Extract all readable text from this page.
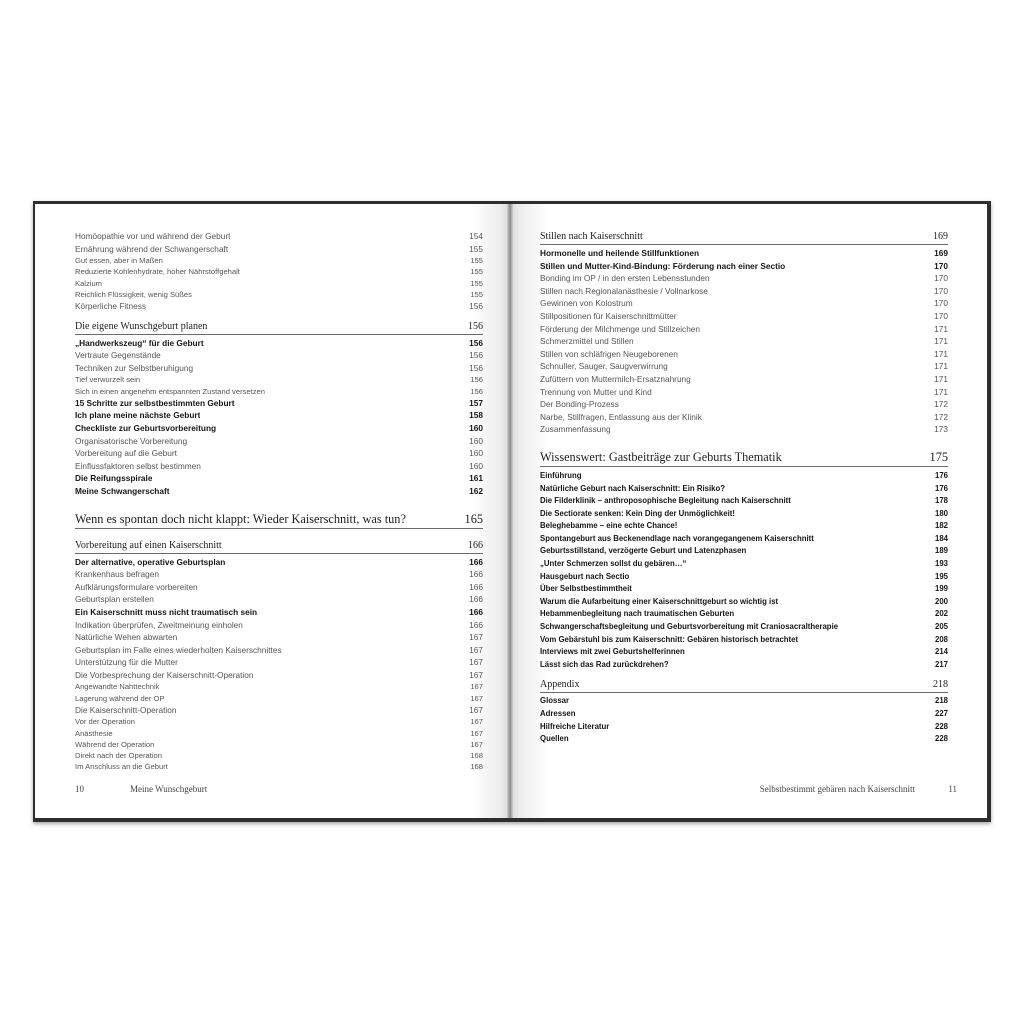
Homöopathie vor und während der Geburt	154
Ernährung während der Schwangerschaft	155
Gut essen, aber in Maßen	155
Reduzierte Kohlenhydrate, hoher Nährstoffgehalt	155
Kalzium	155
Reichlich Flüssigkeit, wenig Süßes	155
Körperliche Fitness	156
Die eigene Wunschgeburt planen	156
„Handwerkszeug“ für die Geburt	156
Vertraute Gegenstände	156
Techniken zur Selbstberuhigung	156
Tief verwurzelt sein	156
Sich in einen angenehm entspannten Zustand versetzen	156
15 Schritte zur selbstbestimmten Geburt	157
Ich plane meine nächste Geburt	158
Checkliste zur Geburtsvorbereitung	160
Organisatorische Vorbereitung	160
Vorbereitung auf die Geburt	160
Einflussfaktoren selbst bestimmen	160
Die Reifungsspirale	161
Meine Schwangerschaft	162
Wenn es spontan doch nicht klappt: Wieder Kaiserschnitt, was tun?	165
Vorbereitung auf einen Kaiserschnitt	166
Der alternative, operative Geburtsplan	166
Krankenhaus befragen	166
Aufklärungsformulare vorbereiten	166
Geburtsplan erstellen	166
Ein Kaiserschnitt muss nicht traumatisch sein	166
Indikation überprüfen, Zweitmeinung einholen	166
Natürliche Wehen abwarten	167
Geburtsplan im Falle eines wiederholten Kaiserschnittes	167
Unterstützung für die Mutter	167
Die Vorbesprechung der Kaiserschnitt-Operation	167
Angewandte Nahttechnik	167
Lagerung während der OP	167
Die Kaiserschnitt-Operation	167
Vor der Operation	167
Anästhesie	167
Während der Operation	167
Direkt nach der Operation	168
Im Anschluss an die Geburt	168
10	Meine Wunschgeburt
Stillen nach Kaiserschnitt	169
Hormonelle und heilende Stillfunktionen	169
Stillen und Mutter-Kind-Bindung: Förderung nach einer Sectio	170
Bonding im OP / in den ersten Lebensstunden	170
Stillen nach Regionalanästhesie / Vollnarkose	170
Gewinnen von Kolostrum	170
Stillpositionen für Kaiserschnittmütter	170
Förderung der Milchmenge und Stillzeichen	171
Schmerzmittel und Stillen	171
Stillen von schläfrigen Neugeborenen	171
Schnuller, Sauger, Saugverwirrung	171
Zufüttern von Muttermilch-Ersatznahrung	171
Trennung von Mutter und Kind	171
Der Bonding-Prozess	172
Narbe, Stillfragen, Entlassung aus der Klinik	172
Zusammenfassung	173
Wissenswert: Gastbeiträge zur Geburts Thematik	175
Einführung	176
Natürliche Geburt nach Kaiserschnitt: Ein Risiko?	176
Die Filderklinik – anthroposophische Begleitung nach Kaiserschnitt	178
Die Sectiorate senken: Kein Ding der Unmöglichkeit!	180
Beleghebamme – eine echte Chance!	182
Spontangeburt aus Beckenendlage nach vorangegangenem Kaiserschnitt	184
Geburtsstillstand, verzögerte Geburt und Latenzphasen	189
„Unter Schmerzen sollst du gebären…“	193
Hausgeburt nach Sectio	195
Über Selbstbestimmtheit	199
Warum die Aufarbeitung einer Kaiserschnittgeburt so wichtig ist	200
Hebammenbegleitung nach traumatischen Geburten	202
Schwangerschaftsbegleitung und Geburtsvorbereitung mit Craniosacraltherapie	205
Vom Gebärstuhl bis zum Kaiserschnitt: Gebären historisch betrachtet	208
Interviews mit zwei Geburtshelferinnen	214
Lässt sich das Rad zurückdrehen?	217
Appendix	218
Glossar	218
Adressen	227
Hilfreiche Literatur	228
Quellen	228
Selbstbestimmt gebären nach Kaiserschnitt	11
